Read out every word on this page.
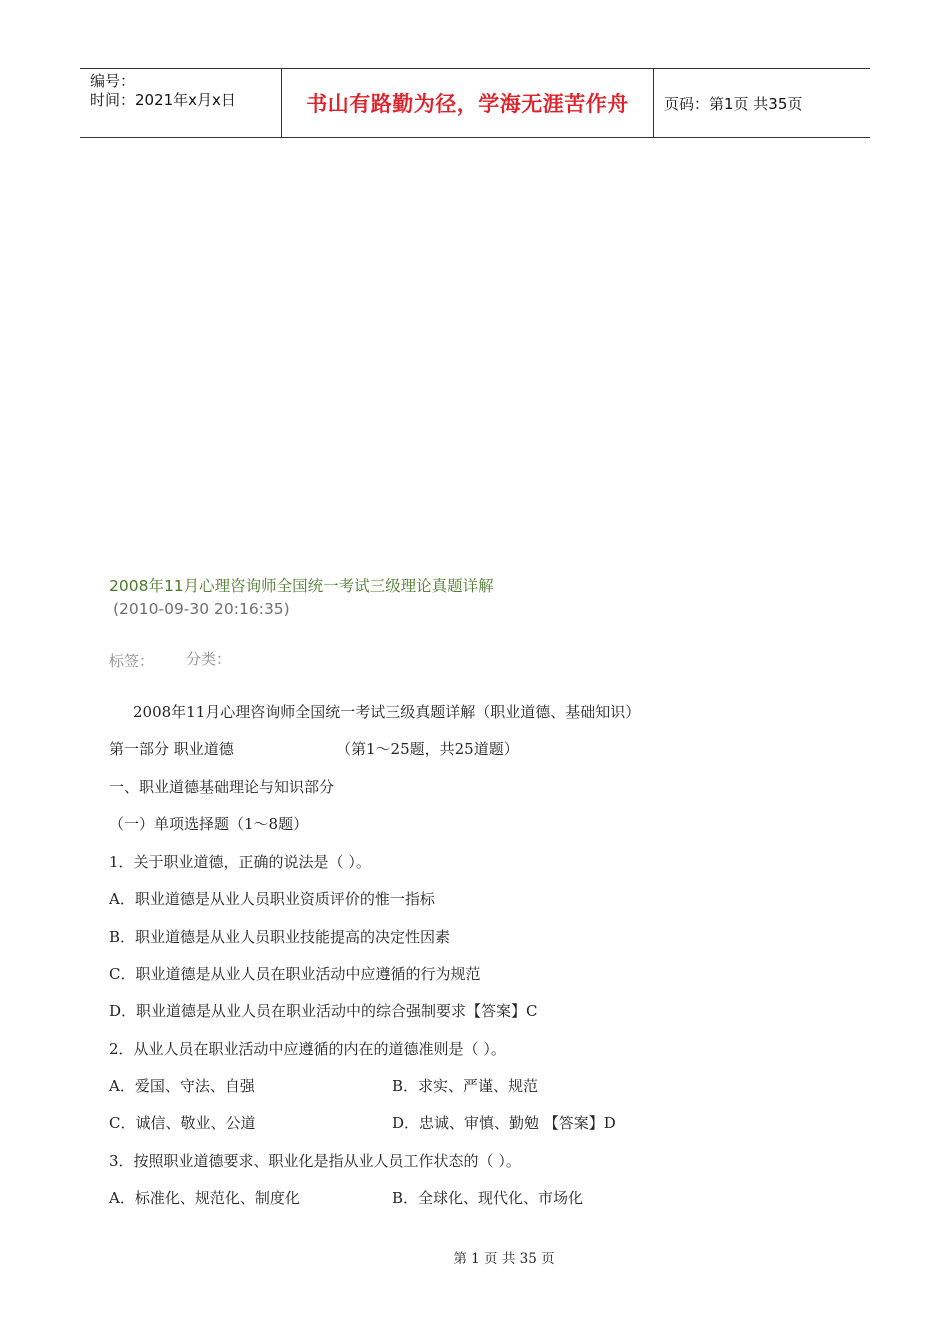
编号：
时间：2021年x月x日	书山有路勤为径，学海无涯苦作舟 页码：第1页 共35页
2008年11月心理咨询师全国统一考试三级理论真题详解
(2010-09-30 20:16:35)
标签： 分类：
2008年11月心理咨询师全国统一考试三级真题详解（职业道德、基础知识）
第一部分 职业道德	（第1～25题，共25道题）
一、职业道德基础理论与知识部分
（一）单项选择题（1～8题）
1．关于职业道德，正确的说法是（ ）。
A．职业道德是从业人员职业资质评价的惟一指标
B．职业道德是从业人员职业技能提高的决定性因素
C．职业道德是从业人员在职业活动中应遵循的行为规范
D．职业道德是从业人员在职业活动中的综合强制要求【答案】C
2．从业人员在职业活动中应遵循的内在的道德准则是（ ）。
A．爱国、守法、自强	B．求实、严谨、规范
C．诚信、敬业、公道	D．忠诚、审慎、勤勉 【答案】D
3．按照职业道德要求、职业化是指从业人员工作状态的（ ）。
A．标准化、规范化、制度化	B．全球化、现代化、市场化
第 1 页 共 35 页
